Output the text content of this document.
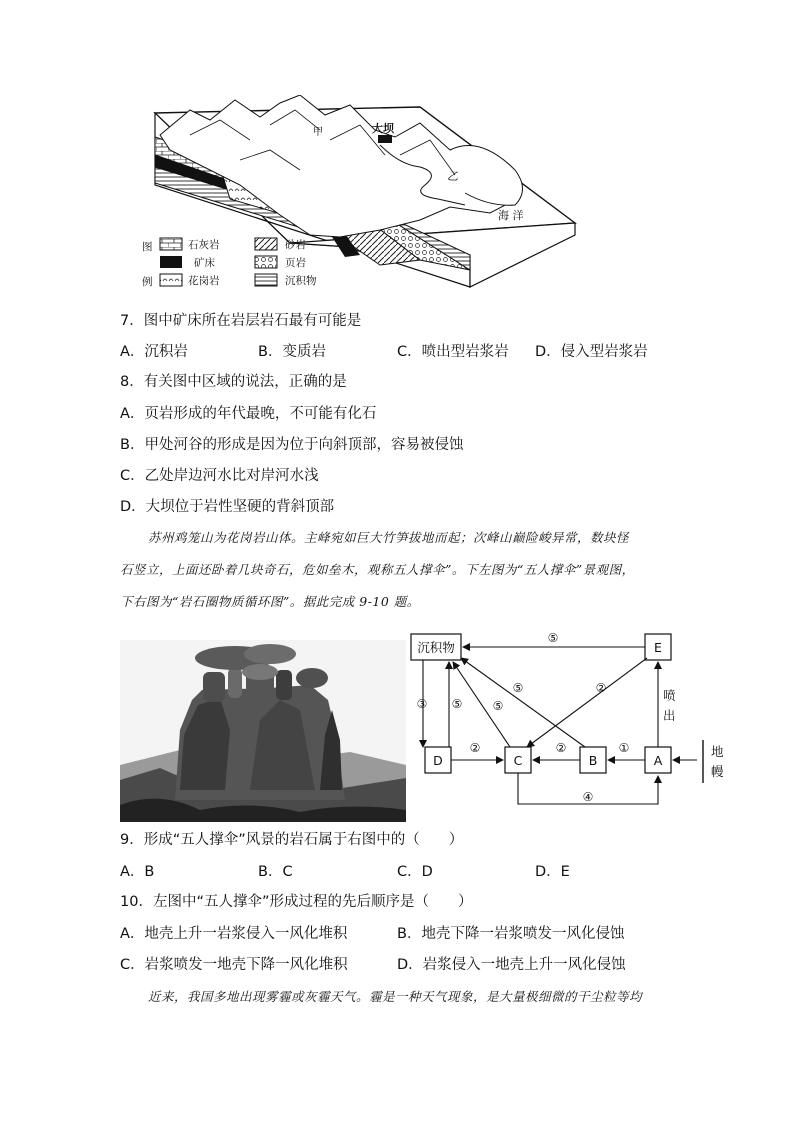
甲	大坝
乙
海 洋
图
例
石灰岩	砂岩
矿床	页岩
花岗岩	沉积物
7．图中矿床所在岩层岩石最有可能是
A．沉积岩	B．变质岩	C．喷出型岩浆岩 D．侵入型岩浆岩
8．有关图中区域的说法，正确的是
A．页岩形成的年代最晚，不可能有化石
B．甲处河谷的形成是因为位于向斜顶部，容易被侵蚀
C．乙处岸边河水比对岸河水浅
D．大坝位于岩性坚硬的背斜顶部
苏州鸡笼山为花岗岩山体。主峰宛如巨大竹笋拔地而起；次峰山巅险峻异常，数块怪
石竖立，上面还卧着几块奇石，危如垒木，观称五人撑伞”。下左图为“五人撑伞”景观图，
下右图为“岩石圈物质循环图”。据此完成 9-10 题。
沉积物	E
D	C	B	A
⑤
③ ⑤	⑤
⑤	②
②	②	①
④
喷
出
地
幔
9．形成“五人撑伞”风景的岩石属于右图中的（　　）
A．B	B．C	C．D	D．E
10．左图中“五人撑伞”形成过程的先后顺序是（　　）
A．地壳上升一岩浆侵入一风化堆积	B．地壳下降一岩浆喷发一风化侵蚀
C．岩浆喷发一地壳下降一风化堆积	D．岩浆侵入一地壳上升一风化侵蚀
近来，我国多地出现雾霾或灰霾天气。霾是一种天气现象，是大量极细微的干尘粒等均
